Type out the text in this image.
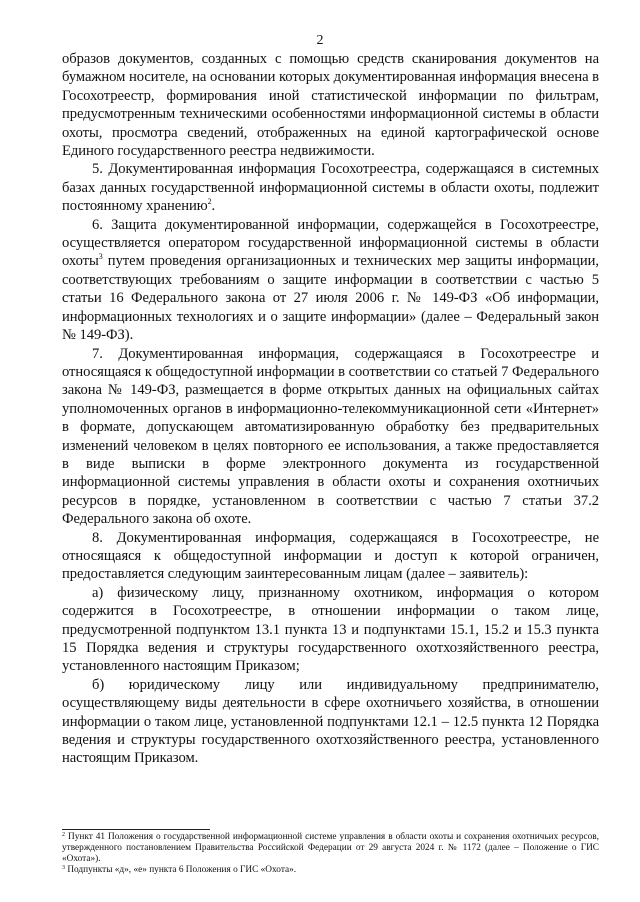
2

образов документов, созданных с помощью средств сканирования документов на бумажном носителе, на основании которых документированная информация внесена в Госохотреестр, формирования иной статистической информации по фильтрам, предусмотренным техническими особенностями информационной системы в области охоты, просмотра сведений, отображенных на единой картографической основе Единого государственного реестра недвижимости.

5. Документированная информация Госохотреестра, содержащаяся в системных базах данных государственной информационной системы в области охоты, подлежит постоянному хранению$^2$.

6. Защита документированной информации, содержащейся в Госохотреестре, осуществляется оператором государственной информационной системы в области охоты$^3$ путем проведения организационных и технических мер защиты информации, соответствующих требованиям о защите информации в соответствии с частью 5 статьи 16 Федерального закона от 27 июля 2006 г. № 149-ФЗ «Об информации, информационных технологиях и о защите информации» (далее – Федеральный закон № 149-ФЗ).

7. Документированная информация, содержащаяся в Госохотреестре и относящаяся к общедоступной информации в соответствии со статьей 7 Федерального закона № 149-ФЗ, размещается в форме открытых данных на официальных сайтах уполномоченных органов в информационно-телекоммуникационной сети «Интернет» в формате, допускающем автоматизированную обработку без предварительных изменений человеком в целях повторного ее использования, а также предоставляется в виде выписки в форме электронного документа из государственной информационной системы управления в области охоты и сохранения охотничьих ресурсов в порядке, установленном в соответствии с частью 7 статьи 37.2 Федерального закона об охоте.

8. Документированная информация, содержащаяся в Госохотреестре, не относящаяся к общедоступной информации и доступ к которой ограничен, предоставляется следующим заинтересованным лицам (далее – заявитель):

а) физическому лицу, признанному охотником, информация о котором содержится в Госохотреестре, в отношении информации о таком лице, предусмотренной подпунктом 13.1 пункта 13 и подпунктами 15.1, 15.2 и 15.3 пункта 15 Порядка ведения и структуры государственного охотхозяйственного реестра, установленного настоящим Приказом;

б) юридическому лицу или индивидуальному предпринимателю, осуществляющему виды деятельности в сфере охотничьего хозяйства, в отношении информации о таком лице, установленной подпунктами 12.1 – 12.5 пункта 12 Порядка ведения и структуры государственного охотхозяйственного реестра, установленного настоящим Приказом.

$^2$ Пункт 41 Положения о государственной информационной системе управления в области охоты и сохранения охотничьих ресурсов, утвержденного постановлением Правительства Российской Федерации от 29 августа 2024 г. № 1172 (далее – Положение о ГИС «Охота»).

$^3$ Подпункты «д», «е» пункта 6 Положения о ГИС «Охота».
